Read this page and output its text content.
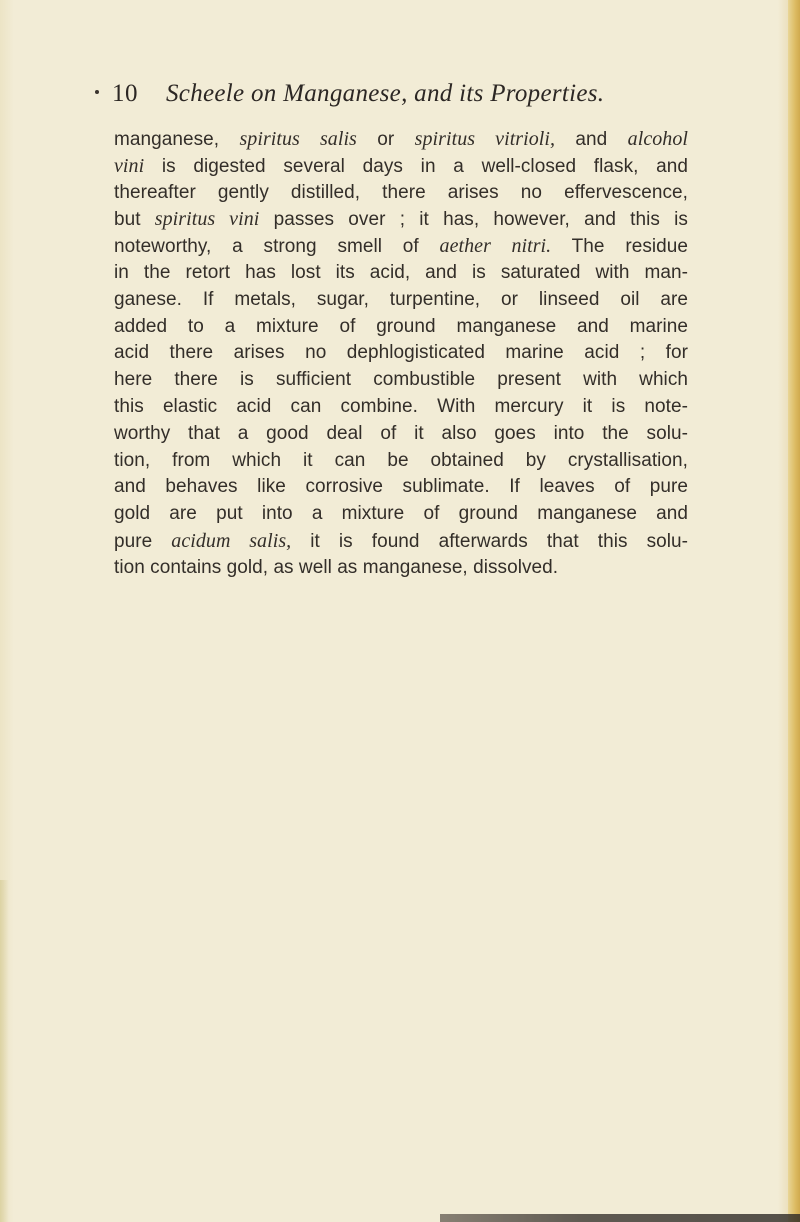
10 Scheele on Manganese, and its Properties.
manganese, spiritus salis or spiritus vitrioli, and alcohol
vini is digested several days in a well-closed flask, and
thereafter gently distilled, there arises no effervescence,
but spiritus vini passes over ; it has, however, and this is
noteworthy, a strong smell of aether nitri. The residue
in the retort has lost its acid, and is saturated with man-
ganese. If metals, sugar, turpentine, or linseed oil are
added to a mixture of ground manganese and marine
acid there arises no dephlogisticated marine acid ; for
here there is sufficient combustible present with which
this elastic acid can combine. With mercury it is note-
worthy that a good deal of it also goes into the solu-
tion, from which it can be obtained by crystallisation,
and behaves like corrosive sublimate. If leaves of pure
gold are put into a mixture of ground manganese and
pure acidum salis, it is found afterwards that this solu-
tion contains gold, as well as manganese, dissolved.
